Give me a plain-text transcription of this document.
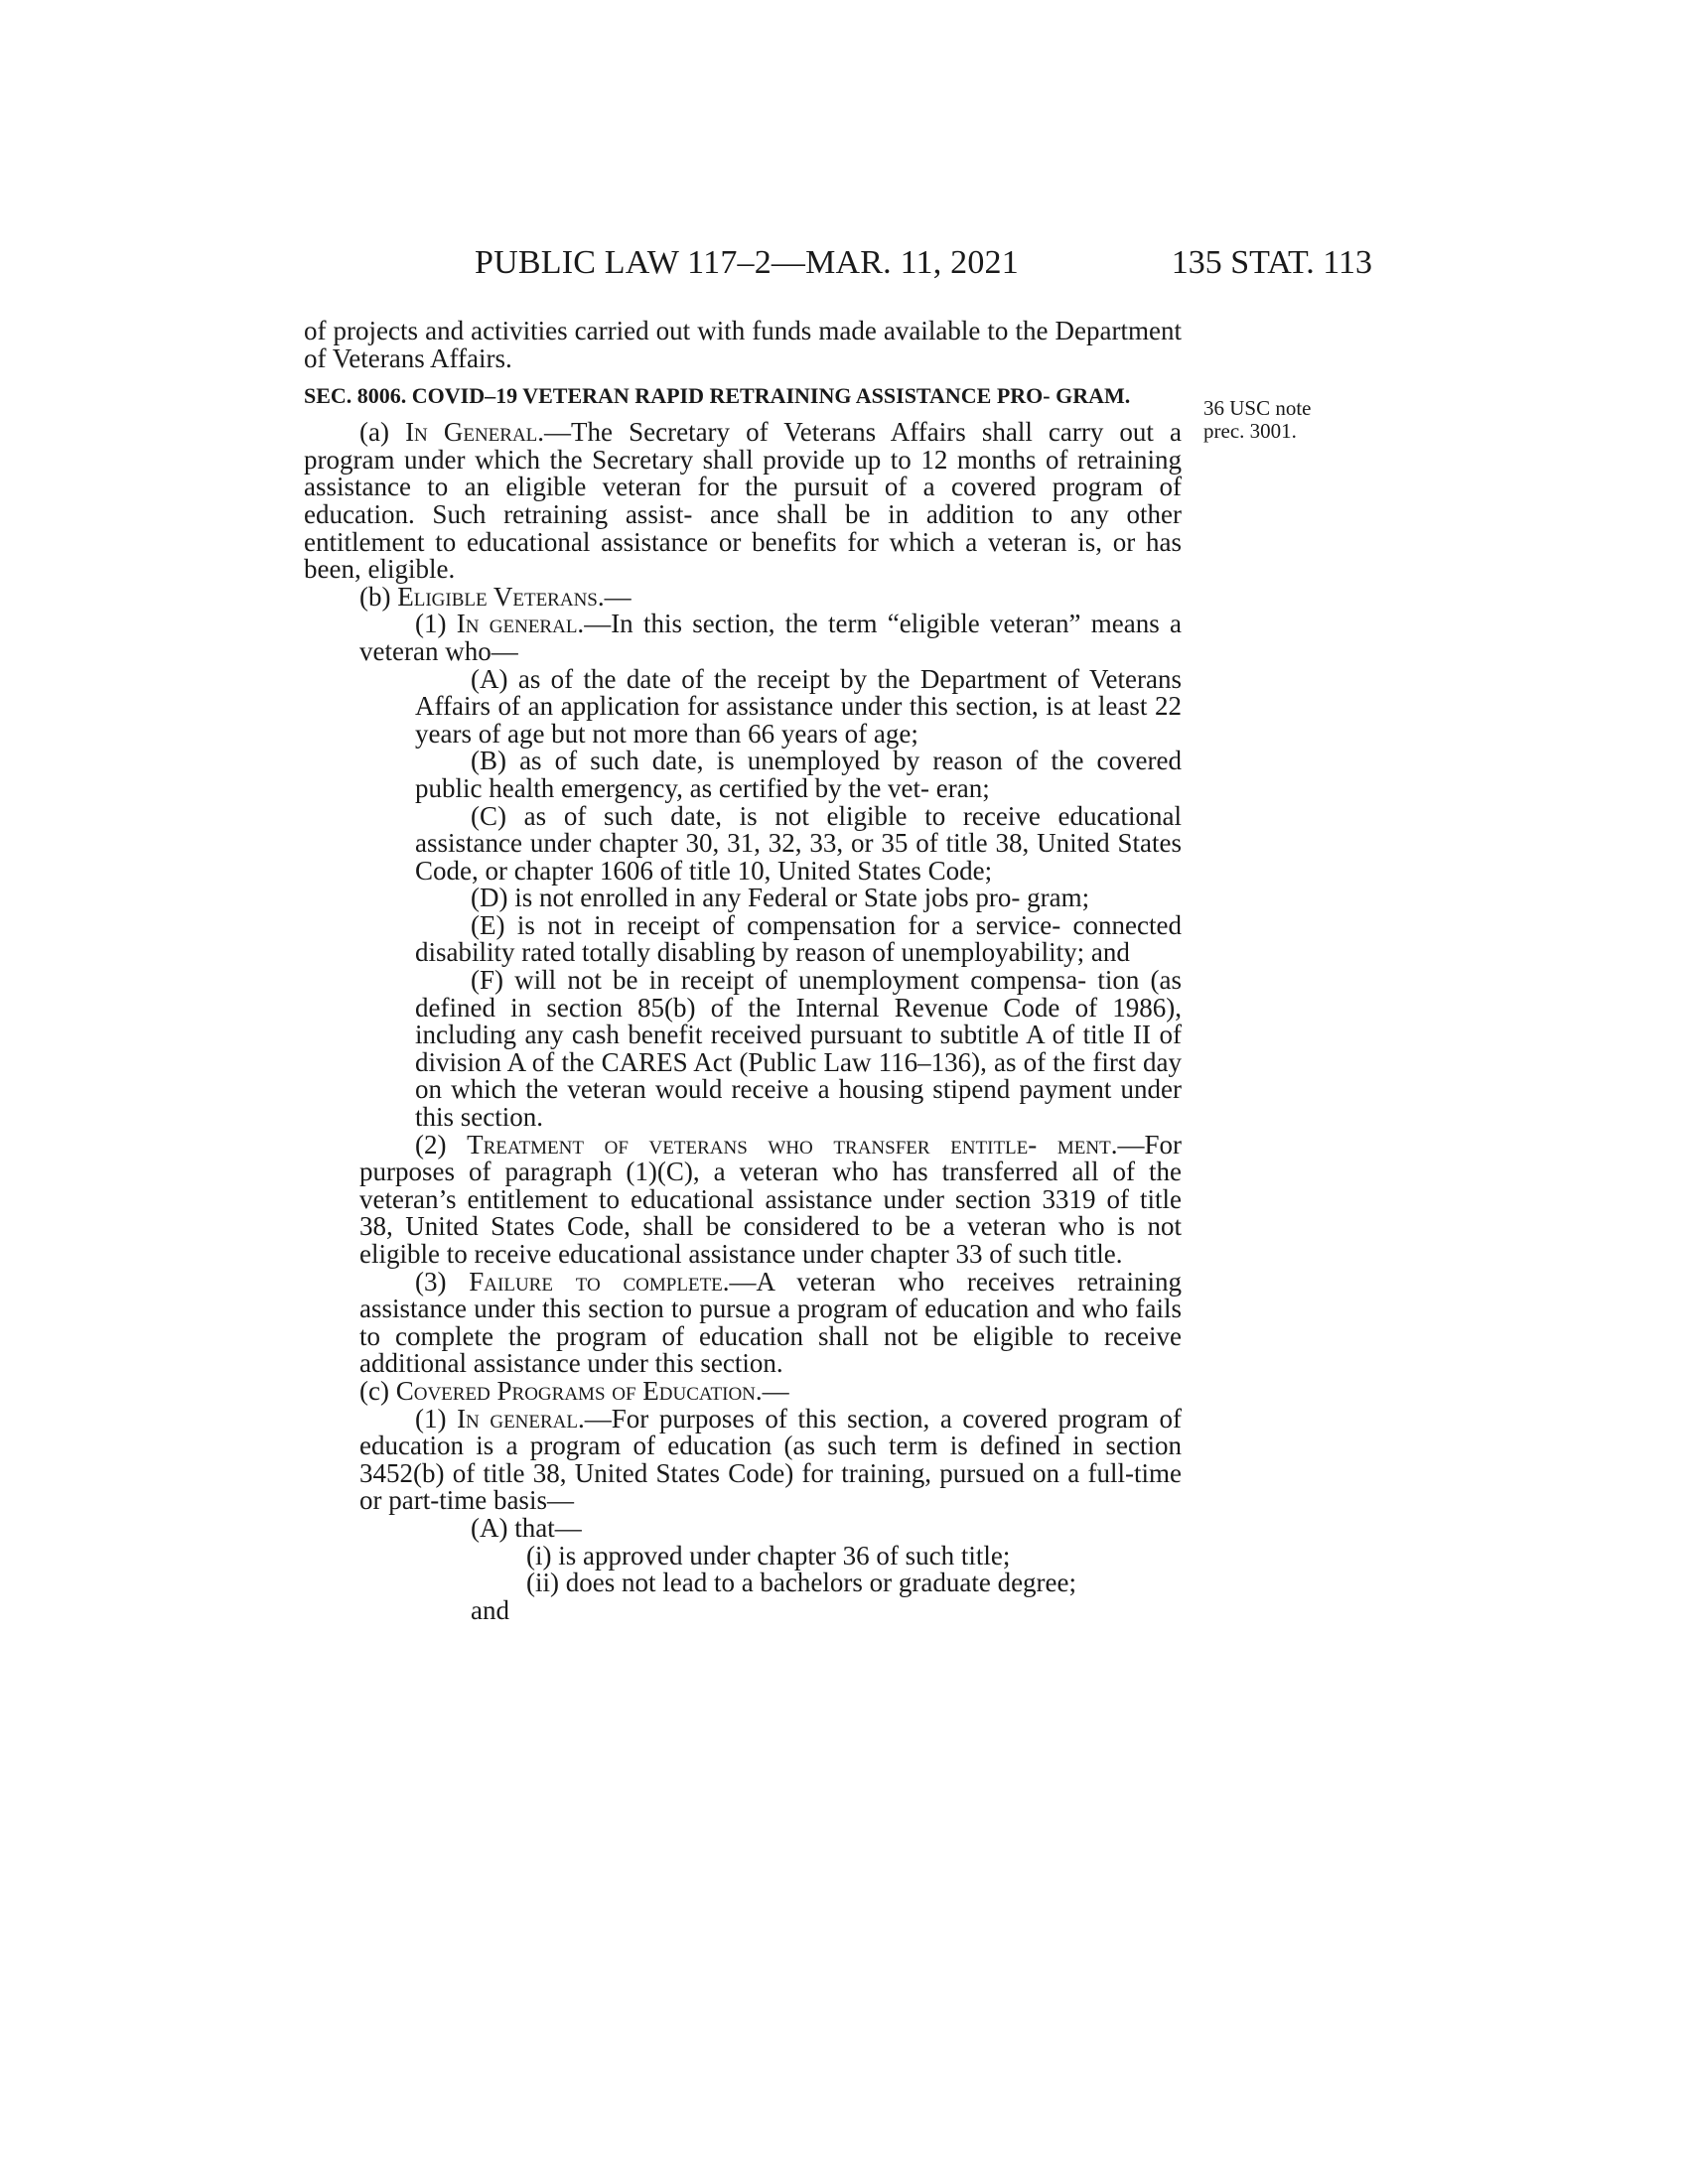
PUBLIC LAW 117–2—MAR. 11, 2021	135 STAT. 113
36 USC note
prec. 3001.

of projects and activities carried out with funds made available to the Department of Veterans Affairs.

SEC. 8006. COVID–19 VETERAN RAPID RETRAINING ASSISTANCE PRO- GRAM.

(a) In General.—The Secretary of Veterans Affairs shall carry out a program under which the Secretary shall provide up to 12 months of retraining assistance to an eligible veteran for the pursuit of a covered program of education. Such retraining assist- ance shall be in addition to any other entitlement to educational assistance or benefits for which a veteran is, or has been, eligible.

(b) Eligible Veterans.—

(1) In general.—In this section, the term “eligible veteran” means a veteran who—

(A) as of the date of the receipt by the Department of Veterans Affairs of an application for assistance under this section, is at least 22 years of age but not more than 66 years of age;

(B) as of such date, is unemployed by reason of the covered public health emergency, as certified by the vet- eran;

(C) as of such date, is not eligible to receive educational assistance under chapter 30, 31, 32, 33, or 35 of title 38, United States Code, or chapter 1606 of title 10, United States Code;

(D) is not enrolled in any Federal or State jobs pro- gram;

(E) is not in receipt of compensation for a service- connected disability rated totally disabling by reason of unemployability; and

(F) will not be in receipt of unemployment compensa- tion (as defined in section 85(b) of the Internal Revenue Code of 1986), including any cash benefit received pursuant to subtitle A of title II of division A of the CARES Act (Public Law 116–136), as of the first day on which the veteran would receive a housing stipend payment under this section.

(2) Treatment of veterans who transfer entitle- ment.—For purposes of paragraph (1)(C), a veteran who has transferred all of the veteran’s entitlement to educational assistance under section 3319 of title 38, United States Code, shall be considered to be a veteran who is not eligible to receive educational assistance under chapter 33 of such title.

(3) Failure to complete.—A veteran who receives retraining assistance under this section to pursue a program of education and who fails to complete the program of education shall not be eligible to receive additional assistance under this section.

(c) Covered Programs of Education.—

(1) In general.—For purposes of this section, a covered program of education is a program of education (as such term is defined in section 3452(b) of title 38, United States Code) for training, pursued on a full-time or part-time basis—

(A) that—

(i) is approved under chapter 36 of such title;

(ii) does not lead to a bachelors or graduate degree;

and
